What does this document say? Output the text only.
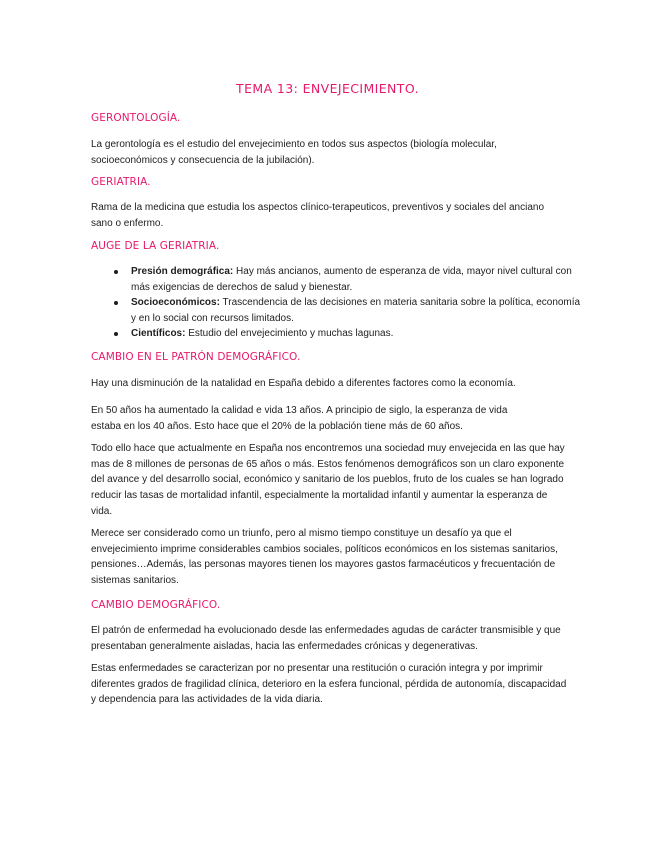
TEMA 13: ENVEJECIMIENTO.
GERONTOLOGÍA.

La gerontología es el estudio del envejecimiento en todos sus aspectos (biología molecular, socioeconómicos y consecuencia de la jubilación).

GERIATRIA.

Rama de la medicina que estudia los aspectos clínico-terapeuticos, preventivos y sociales del anciano sano o enfermo.

AUGE DE LA GERIATRIA.
Presión demográfica: Hay más ancianos, aumento de esperanza de vida, mayor nivel cultural con más exigencias de derechos de salud y bienestar.
Socioeconómicos: Trascendencia de las decisiones en materia sanitaria sobre la política, economía y en lo social con recursos limitados.
Científicos: Estudio del envejecimiento y muchas lagunas.
CAMBIO EN EL PATRÓN DEMOGRÁFICO.

Hay una disminución de la natalidad en España debido a diferentes factores como la economía.

En 50 años ha aumentado la calidad e vida 13 años. A principio de siglo, la esperanza de vida estaba en los 40 años. Esto hace que el 20% de la población tiene más de 60 años.

Todo ello hace que actualmente en España nos encontremos una sociedad muy envejecida en las que hay mas de 8 millones de personas de 65 años o más. Estos fenómenos demográficos son un claro exponente del avance y del desarrollo social, económico y sanitario de los pueblos, fruto de los cuales se han logrado reducir las tasas de mortalidad infantil, especialmente la mortalidad infantil y aumentar la esperanza de vida.

Merece ser considerado como un triunfo, pero al mismo tiempo constituye un desafío ya que el envejecimiento imprime considerables cambios sociales, políticos económicos en los sistemas sanitarios, pensiones…Además, las personas mayores tienen los mayores gastos farmacéuticos y frecuentación de sistemas sanitarios.

CAMBIO DEMOGRÁFICO.

El patrón de enfermedad ha evolucionado desde las enfermedades agudas de carácter transmisible y que presentaban generalmente aisladas, hacia las enfermedades crónicas y degenerativas.

Estas enfermedades se caracterizan por no presentar una restitución o curación integra y por imprimir diferentes grados de fragilidad clínica, deterioro en la esfera funcional, pérdida de autonomía, discapacidad y dependencia para las actividades de la vida diaria.
